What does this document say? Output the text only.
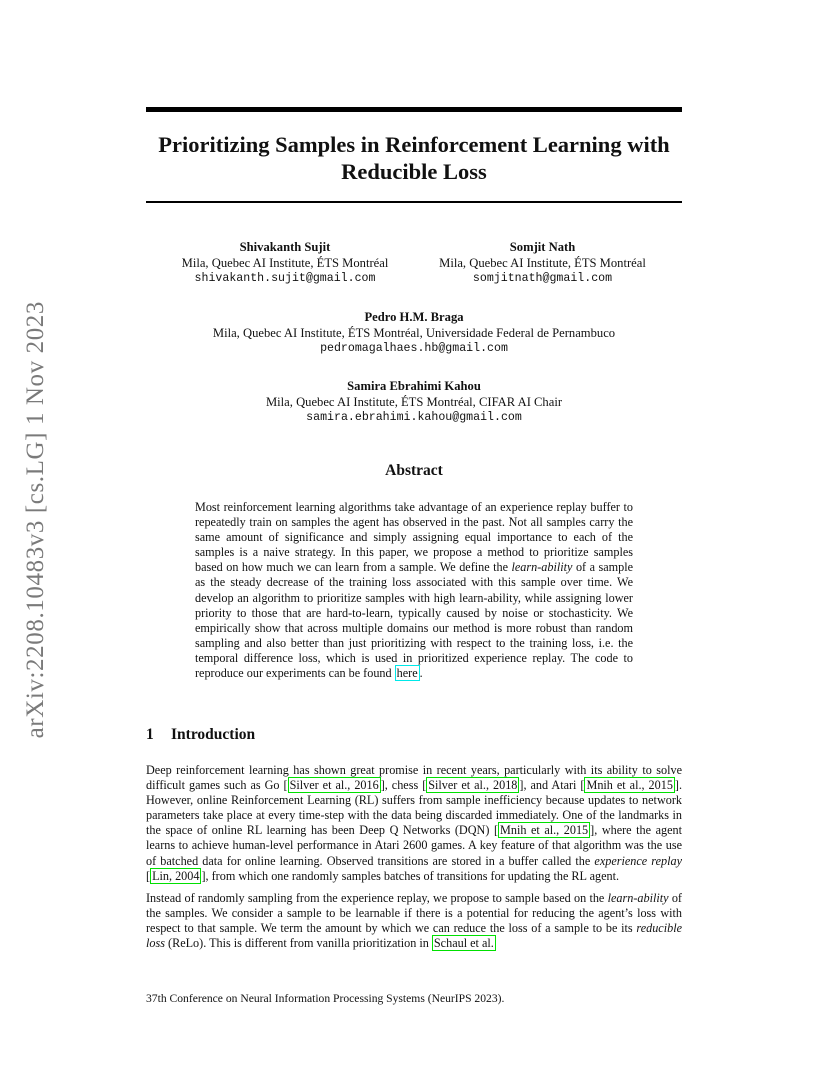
arXiv:2208.10483v3 [cs.LG] 1 Nov 2023
Prioritizing Samples in Reinforcement Learning with
Reducible Loss
Shivakanth Sujit
Mila, Quebec AI Institute, ÉTS Montréal
shivakanth.sujit@gmail.com
Somjit Nath
Mila, Quebec AI Institute, ÉTS Montréal
somjitnath@gmail.com
Pedro H.M. Braga
Mila, Quebec AI Institute, ÉTS Montréal, Universidade Federal de Pernambuco
pedromagalhaes.hb@gmail.com
Samira Ebrahimi Kahou
Mila, Quebec AI Institute, ÉTS Montréal, CIFAR AI Chair
samira.ebrahimi.kahou@gmail.com
Abstract
Most reinforcement learning algorithms take advantage of an experience replay buffer to repeatedly train on samples the agent has observed in the past. Not all samples carry the same amount of significance and simply assigning equal importance to each of the samples is a naive strategy. In this paper, we propose a method to prioritize samples based on how much we can learn from a sample. We define the learn-ability of a sample as the steady decrease of the training loss associated with this sample over time. We develop an algorithm to prioritize samples with high learn-ability, while assigning lower priority to those that are hard-to-learn, typically caused by noise or stochasticity. We empirically show that across multiple domains our method is more robust than random sampling and also better than just prioritizing with respect to the training loss, i.e. the temporal difference loss, which is used in prioritized experience replay. The code to reproduce our experiments can be found here .
1 Introduction

Deep reinforcement learning has shown great promise in recent years, particularly with its ability to solve difficult games such as Go [ Silver et al., 2016 ], chess [ Silver et al., 2018 ], and Atari [ Mnih et al., 2015 ]. However, online Reinforcement Learning (RL) suffers from sample inefficiency because updates to network parameters take place at every time-step with the data being discarded immediately. One of the landmarks in the space of online RL learning has been Deep Q Networks (DQN) [ Mnih et al., 2015 ], where the agent learns to achieve human-level performance in Atari 2600 games. A key feature of that algorithm was the use of batched data for online learning. Observed transitions are stored in a buffer called the experience replay [ Lin, 2004 ], from which one randomly samples batches of transitions for updating the RL agent.

Instead of randomly sampling from the experience replay, we propose to sample based on the learn-ability of the samples. We consider a sample to be learnable if there is a potential for reducing the agent’s loss with respect to that sample. We term the amount by which we can reduce the loss of a sample to be its reducible loss (ReLo). This is different from vanilla prioritization in Schaul et al.

37th Conference on Neural Information Processing Systems (NeurIPS 2023).
